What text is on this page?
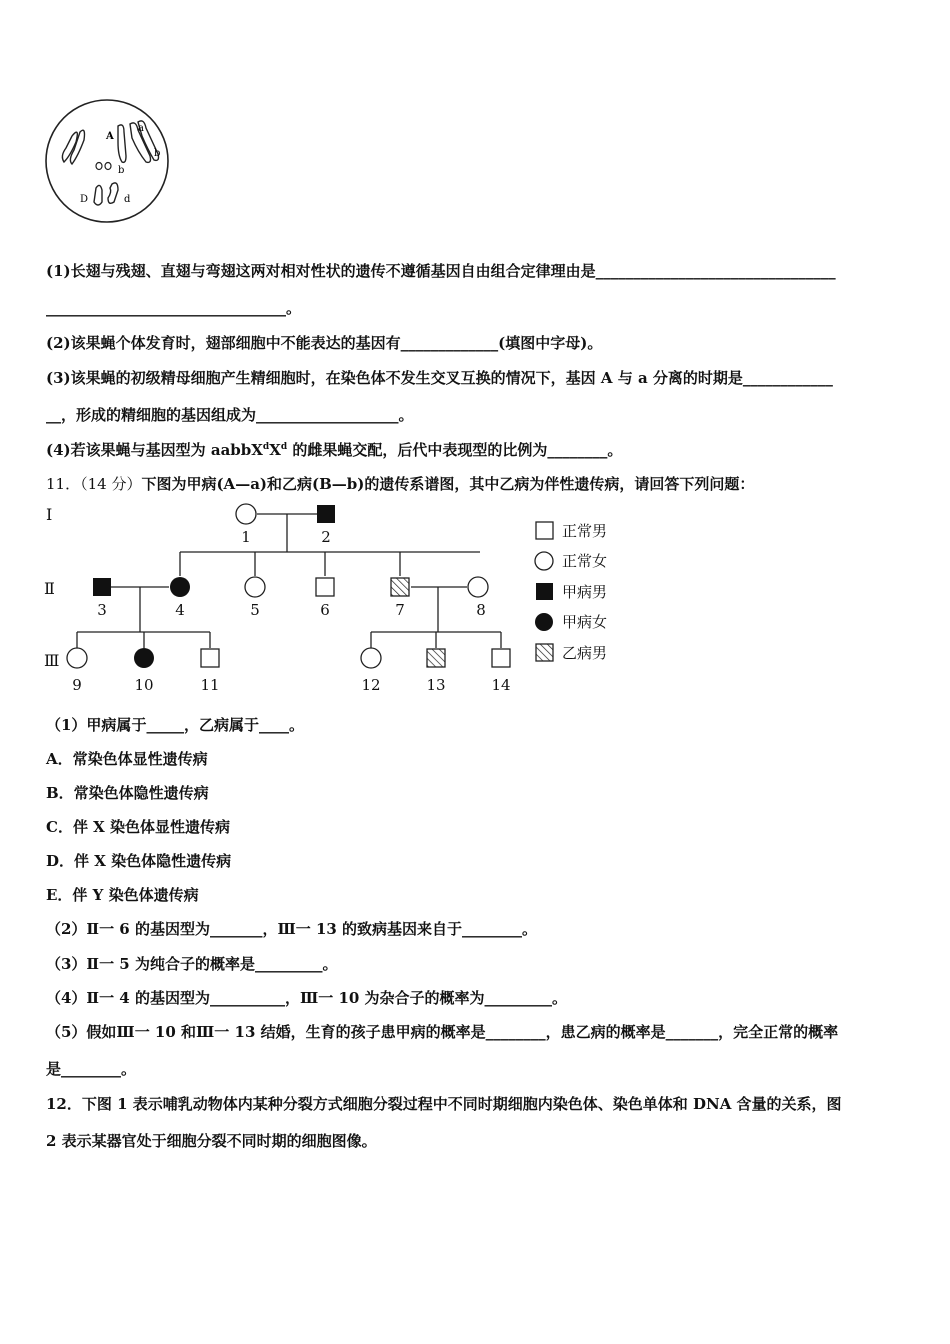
A
a
b
b
D	d
(1)长翅与残翅、直翅与弯翅这两对相对性状的遗传不遵循基因自由组合定律理由是________________________________
________________________________。
(2)该果蝇个体发育时，翅部细胞中不能表达的基因有_____________(填图中字母)。
(3)该果蝇的初级精母细胞产生精细胞时，在染色体不发生交叉互换的情况下，基因 A 与 a 分离的时期是____________
__，形成的精细胞的基因组成为___________________。
(4)若该果蝇与基因型为 $aabbX^dX^d$ 的雌果蝇交配，后代中表现型的比例为________。
11．（14 分）下图为甲病(A—a)和乙病(B—b)的遗传系谱图，其中乙病为伴性遗传病，请回答下列问题：
Ⅰ
Ⅱ
Ⅲ
1	2
3	4	5	6	7	8
9	10	11	12	13	14
正常男
正常女
甲病男
甲病女
乙病男
（1）甲病属于_____，乙病属于____。
A．常染色体显性遗传病
B．常染色体隐性遗传病
C．伴 X 染色体显性遗传病
D．伴 X 染色体隐性遗传病
E．伴 Y 染色体遗传病
（2）Ⅱ一 6 的基因型为_______，Ⅲ一 13 的致病基因来自于________。
（3）Ⅱ一 5 为纯合子的概率是_________。
（4）Ⅱ一 4 的基因型为__________，Ⅲ一 10 为杂合子的概率为_________。
（5）假如Ⅲ一 10 和Ⅲ一 13 结婚，生育的孩子患甲病的概率是________，患乙病的概率是_______，完全正常的概率
是________。
12．下图 1 表示哺乳动物体内某种分裂方式细胞分裂过程中不同时期细胞内染色体、染色单体和 DNA 含量的关系，图
2 表示某器官处于细胞分裂不同时期的细胞图像。
